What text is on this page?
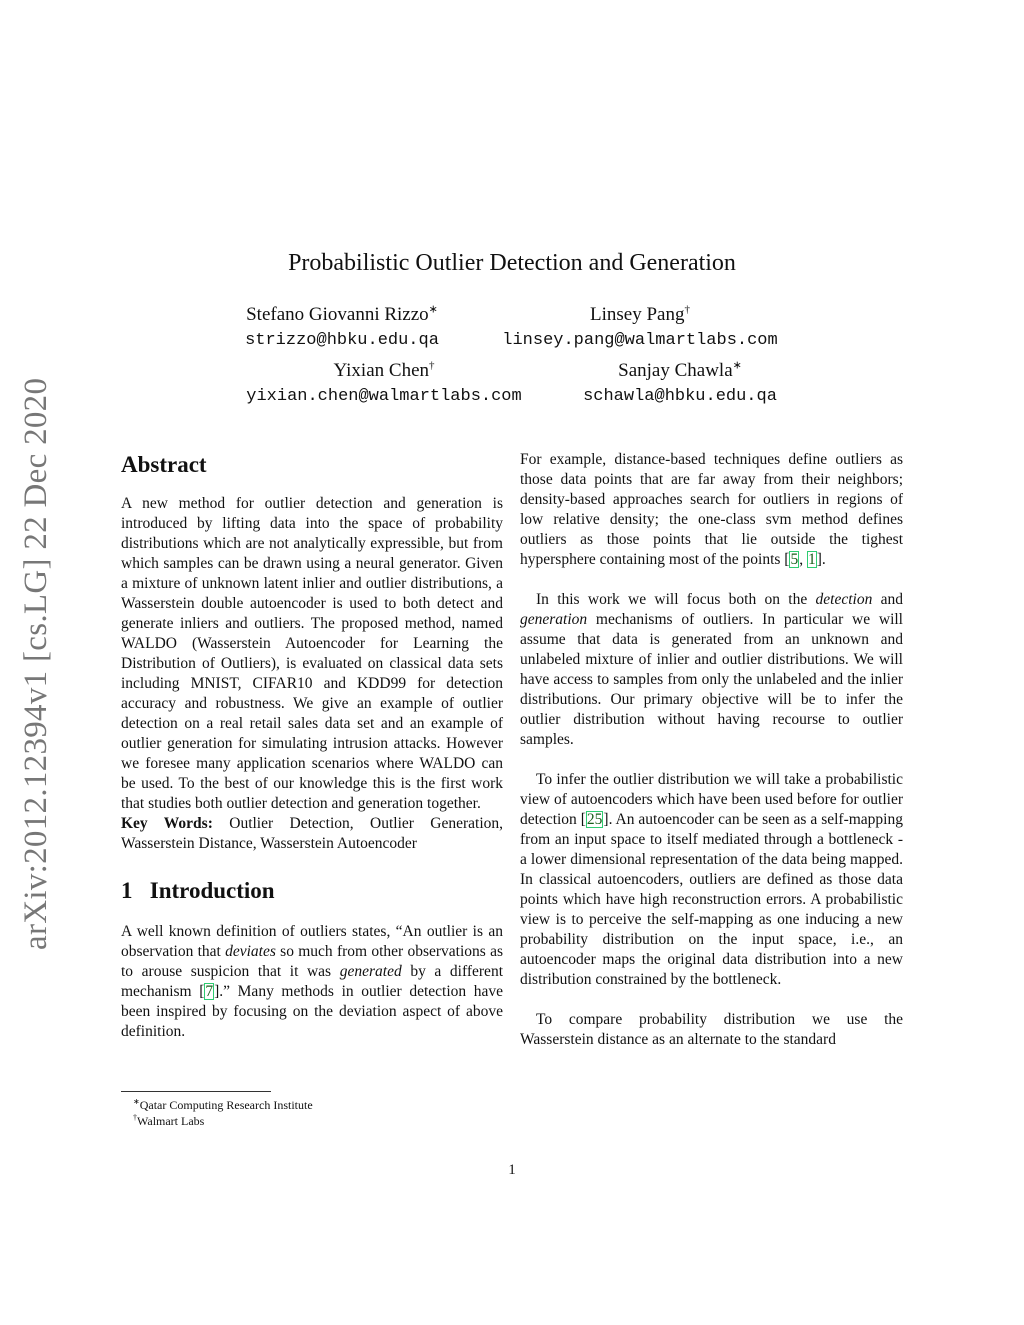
arXiv:2012.12394v1 [cs.LG] 22 Dec 2020
Probabilistic Outlier Detection and Generation
Stefano Giovanni Rizzo∗
strizzo@hbku.edu.qa
Linsey Pang†
linsey.pang@walmartlabs.com
Yixian Chen†
yixian.chen@walmartlabs.com
Sanjay Chawla∗
schawla@hbku.edu.qa
Abstract

A new method for outlier detection and generation is introduced by lifting data into the space of probability distributions which are not analytically expressible, but from which samples can be drawn using a neural generator. Given a mixture of unknown latent inlier and outlier distributions, a Wasserstein double autoencoder is used to both detect and generate inliers and outliers. The proposed method, named WALDO (Wasserstein Autoencoder for Learning the Distribution of Outliers), is evaluated on classical data sets including MNIST, CIFAR10 and KDD99 for detection accuracy and robustness. We give an example of outlier detection on a real retail sales data set and an example of outlier generation for simulating intrusion attacks. However we foresee many application scenarios where WALDO can be used. To the best of our knowledge this is the first work that studies both outlier detection and generation together.

Key Words: Outlier Detection, Outlier Generation, Wasserstein Distance, Wasserstein Autoencoder

1 Introduction

A well known definition of outliers states, “An outlier is an observation that deviates so much from other observations as to arouse suspicion that it was generated by a different mechanism [7].” Many methods in outlier detection have been inspired by focusing on the deviation aspect of above definition.

For example, distance-based techniques define outliers as those data points that are far away from their neighbors; density-based approaches search for outliers in regions of low relative density; the one-class svm method defines outliers as those points that lie outside the tighest hypersphere containing most of the points [5, 1].

In this work we will focus both on the detection and generation mechanisms of outliers. In particular we will assume that data is generated from an unknown and unlabeled mixture of inlier and outlier distributions. We will have access to samples from only the unlabeled and the inlier distributions. Our primary objective will be to infer the outlier distribution without having recourse to outlier samples.

To infer the outlier distribution we will take a probabilistic view of autoencoders which have been used before for outlier detection [25]. An autoencoder can be seen as a self-mapping from an input space to itself mediated through a bottleneck - a lower dimensional representation of the data being mapped. In classical autoencoders, outliers are defined as those data points which have high reconstruction errors. A probabilistic view is to perceive the self-mapping as one inducing a new probability distribution on the input space, i.e., an autoencoder maps the original data distribution into a new distribution constrained by the bottleneck.

To compare probability distribution we use the Wasserstein distance as an alternate to the standard

∗Qatar Computing Research Institute
†Walmart Labs
1
